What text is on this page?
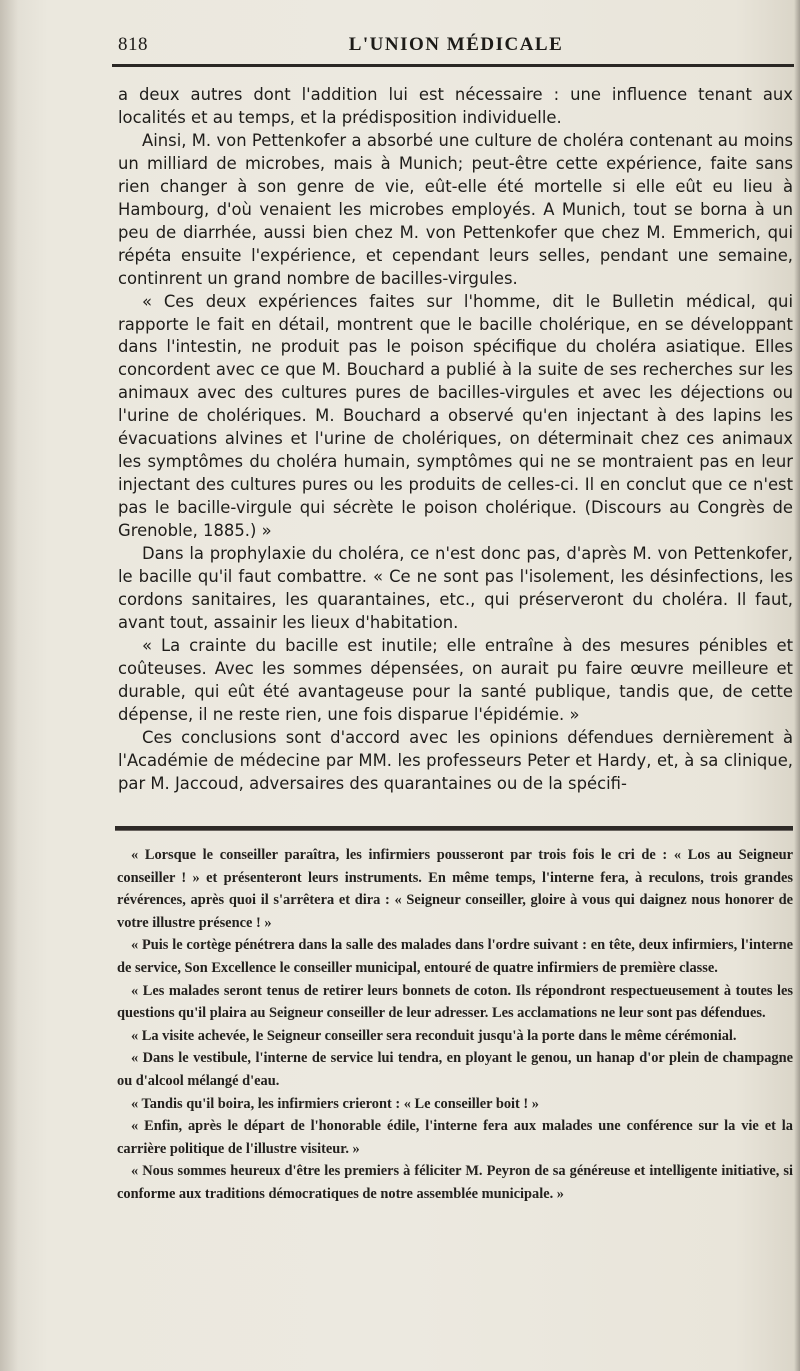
818	L'UNION MÉDICALE

a deux autres dont l'addition lui est nécessaire : une influence tenant aux localités et au temps, et la prédisposition individuelle.

Ainsi, M. von Pettenkofer a absorbé une culture de choléra contenant au moins un milliard de microbes, mais à Munich; peut-être cette expérience, faite sans rien changer à son genre de vie, eût-elle été mortelle si elle eût eu lieu à Hambourg, d'où venaient les microbes employés. A Munich, tout se borna à un peu de diarrhée, aussi bien chez M. von Pettenkofer que chez M. Emmerich, qui répéta ensuite l'expérience, et cependant leurs selles, pendant une semaine, continrent un grand nombre de bacilles-virgules.

« Ces deux expériences faites sur l'homme, dit le Bulletin médical, qui rapporte le fait en détail, montrent que le bacille cholérique, en se développant dans l'intestin, ne produit pas le poison spécifique du choléra asiatique. Elles concordent avec ce que M. Bouchard a publié à la suite de ses recherches sur les animaux avec des cultures pures de bacilles-virgules et avec les déjections ou l'urine de cholériques. M. Bouchard a observé qu'en injectant à des lapins les évacuations alvines et l'urine de cholériques, on déterminait chez ces animaux les symptômes du choléra humain, symptômes qui ne se montraient pas en leur injectant des cultures pures ou les produits de celles-ci. Il en conclut que ce n'est pas le bacille-virgule qui sécrète le poison cholérique. (Discours au Congrès de Grenoble, 1885.) »

Dans la prophylaxie du choléra, ce n'est donc pas, d'après M. von Pettenkofer, le bacille qu'il faut combattre. « Ce ne sont pas l'isolement, les désinfections, les cordons sanitaires, les quarantaines, etc., qui préserveront du choléra. Il faut, avant tout, assainir les lieux d'habitation.

« La crainte du bacille est inutile; elle entraîne à des mesures pénibles et coûteuses. Avec les sommes dépensées, on aurait pu faire œuvre meilleure et durable, qui eût été avantageuse pour la santé publique, tandis que, de cette dépense, il ne reste rien, une fois disparue l'épidémie. »

Ces conclusions sont d'accord avec les opinions défendues dernièrement à l'Académie de médecine par MM. les professeurs Peter et Hardy, et, à sa clinique, par M. Jaccoud, adversaires des quarantaines ou de la spécifi-

« Lorsque le conseiller paraîtra, les infirmiers pousseront par trois fois le cri de : « Los au Seigneur conseiller ! » et présenteront leurs instruments. En même temps, l'interne fera, à reculons, trois grandes révérences, après quoi il s'arrêtera et dira : « Seigneur conseiller, gloire à vous qui daignez nous honorer de votre illustre présence ! »

« Puis le cortège pénétrera dans la salle des malades dans l'ordre suivant : en tête, deux infirmiers, l'interne de service, Son Excellence le conseiller municipal, entouré de quatre infirmiers de première classe.

« Les malades seront tenus de retirer leurs bonnets de coton. Ils répondront respectueusement à toutes les questions qu'il plaira au Seigneur conseiller de leur adresser. Les acclamations ne leur sont pas défendues.

« La visite achevée, le Seigneur conseiller sera reconduit jusqu'à la porte dans le même cérémonial.

« Dans le vestibule, l'interne de service lui tendra, en ployant le genou, un hanap d'or plein de champagne ou d'alcool mélangé d'eau.

« Tandis qu'il boira, les infirmiers crieront : « Le conseiller boit ! »

« Enfin, après le départ de l'honorable édile, l'interne fera aux malades une conférence sur la vie et la carrière politique de l'illustre visiteur. »

« Nous sommes heureux d'être les premiers à féliciter M. Peyron de sa généreuse et intelligente initiative, si conforme aux traditions démocratiques de notre assemblée municipale. »
